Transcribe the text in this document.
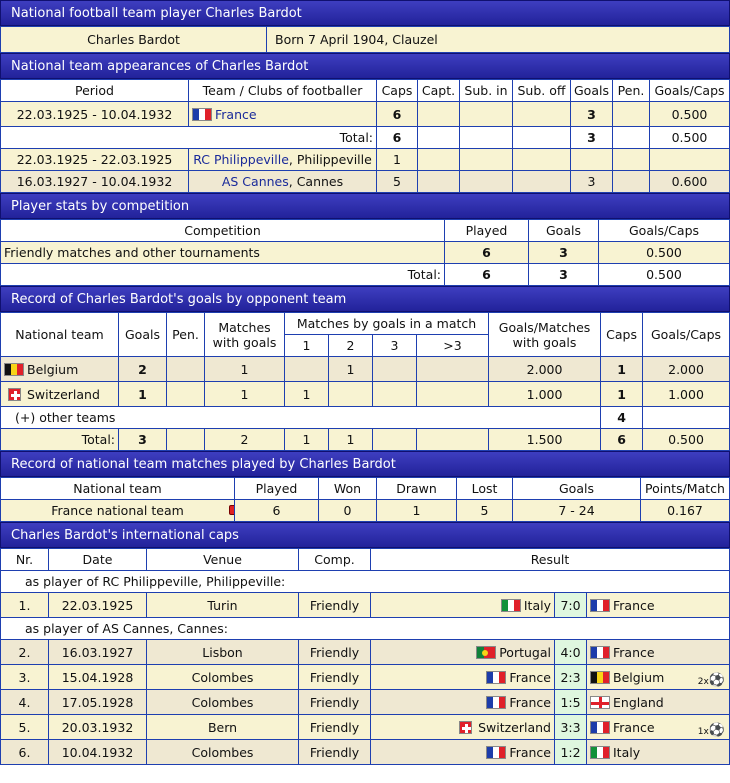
National football team player Charles Bardot
Charles Bardot	Born 7 April 1904, Clauzel
National team appearances of Charles Bardot
Period	Team / Clubs of footballer	Caps	Capt.	Sub. in	Sub. off	Goals	Pen.	Goals/Caps
22.03.1925 - 10.04.1932	France	6				3		0.500
Total:		6				3		0.500
22.03.1925 - 22.03.1925	RC Philippeville, Philippeville	1						
16.03.1927 - 10.04.1932	AS Cannes, Cannes	5				3		0.600
Player stats by competition
Competition	Played	Goals	Goals/Caps
Friendly matches and other tournaments	6	3	0.500
Total:	6	3	0.500
Record of Charles Bardot's goals by opponent team
National team	Goals	Pen.	Matches with goals	Matches by goals in a match				Goals/Matches with goals	Caps	Goals/Caps
				1	2	3	>3			
Belgium	2		1		1			2.000	1	2.000
Switzerland	1		1	1				1.000	1	1.000
(+) other teams									4	
Total:	3		2	1	1			1.500	6	0.500
Record of national team matches played by Charles Bardot
National team	Played	Won	Drawn	Lost	Goals	Points/Match
France national team	6	0	1	5	7 - 24	0.167
Charles Bardot's international caps
Nr.	Date	Venue	Comp.	Result		
as player of RC Philippeville, Philippeville:						
1.	22.03.1925	Turin	Friendly	Italy	7:0	France
as player of AS Cannes, Cannes:						
2.	16.03.1927	Lisbon	Friendly	Portugal	4:0	France
3.	15.04.1928	Colombes	Friendly	France	2:3	Belgium 2x⚽

4.	17.05.1928	Colombes	Friendly	France	1:5	England
5.	20.03.1932	Bern	Friendly	Switzerland	3:3	France 1x⚽

6.	10.04.1932	Colombes	Friendly	France	1:2	Italy
